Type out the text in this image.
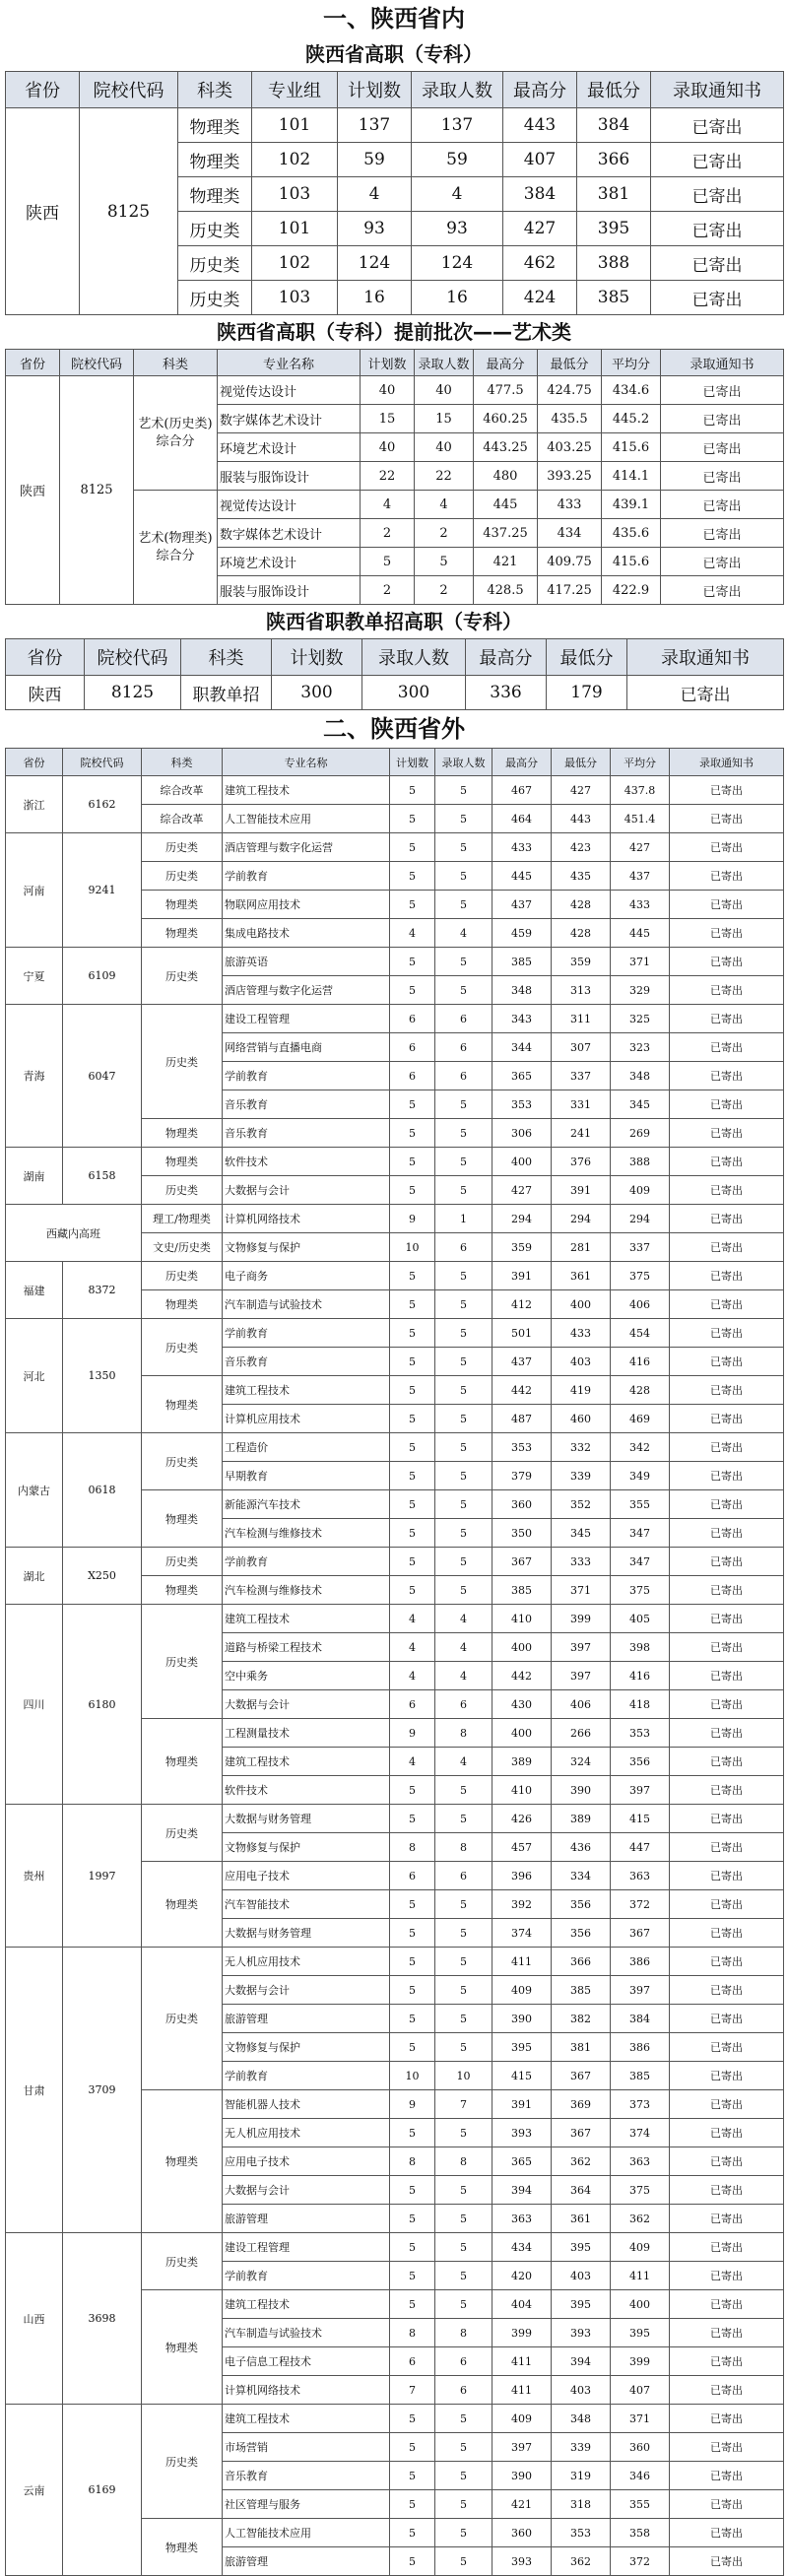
一、陕西省内
陕西省高职（专科）
省份	院校代码	科类	专业组	计划数	录取人数	最高分	最低分	录取通知书
陕西	8125	物理类	101	137	137	443	384	已寄出
		物理类	102	59	59	407	366	已寄出
		物理类	103	4	4	384	381	已寄出
		历史类	101	93	93	427	395	已寄出
		历史类	102	124	124	462	388	已寄出
		历史类	103	16	16	424	385	已寄出
陕西省高职（专科）提前批次——艺术类
省份	院校代码	科类	专业名称	计划数	录取人数	最高分	最低分	平均分	录取通知书
陕西	8125	艺术(历史类)综合分	视觉传达设计	40	40	477.5	424.75	434.6	已寄出
			数字媒体艺术设计	15	15	460.25	435.5	445.2	已寄出
			环境艺术设计	40	40	443.25	403.25	415.6	已寄出
			服装与服饰设计	22	22	480	393.25	414.1	已寄出
		艺术(物理类)综合分	视觉传达设计	4	4	445	433	439.1	已寄出
			数字媒体艺术设计	2	2	437.25	434	435.6	已寄出
			环境艺术设计	5	5	421	409.75	415.6	已寄出
			服装与服饰设计	2	2	428.5	417.25	422.9	已寄出
陕西省职教单招高职（专科）
省份	院校代码	科类	计划数	录取人数	最高分	最低分	录取通知书
陕西	8125	职教单招	300	300	336	179	已寄出
二、陕西省外
省份	院校代码	科类	专业名称	计划数	录取人数	最高分	最低分	平均分	录取通知书
浙江	6162	综合改革	建筑工程技术	5	5	467	427	437.8	已寄出
		综合改革	人工智能技术应用	5	5	464	443	451.4	已寄出
河南	9241	历史类	酒店管理与数字化运营	5	5	433	423	427	已寄出
		历史类	学前教育	5	5	445	435	437	已寄出
		物理类	物联网应用技术	5	5	437	428	433	已寄出
		物理类	集成电路技术	4	4	459	428	445	已寄出
宁夏	6109	历史类	旅游英语	5	5	385	359	371	已寄出
			酒店管理与数字化运营	5	5	348	313	329	已寄出
青海	6047	历史类	建设工程管理	6	6	343	311	325	已寄出
			网络营销与直播电商	6	6	344	307	323	已寄出
			学前教育	6	6	365	337	348	已寄出
			音乐教育	5	5	353	331	345	已寄出
		物理类	音乐教育	5	5	306	241	269	已寄出
湖南	6158	物理类	软件技术	5	5	400	376	388	已寄出
		历史类	大数据与会计	5	5	427	391	409	已寄出
西藏内高班		理工/物理类	计算机网络技术	9	1	294	294	294	已寄出
		文史/历史类	文物修复与保护	10	6	359	281	337	已寄出
福建	8372	历史类	电子商务	5	5	391	361	375	已寄出
		物理类	汽车制造与试验技术	5	5	412	400	406	已寄出
河北	1350	历史类	学前教育	5	5	501	433	454	已寄出
			音乐教育	5	5	437	403	416	已寄出
		物理类	建筑工程技术	5	5	442	419	428	已寄出
			计算机应用技术	5	5	487	460	469	已寄出
内蒙古	0618	历史类	工程造价	5	5	353	332	342	已寄出
			早期教育	5	5	379	339	349	已寄出
		物理类	新能源汽车技术	5	5	360	352	355	已寄出
			汽车检测与维修技术	5	5	350	345	347	已寄出
湖北	X250	历史类	学前教育	5	5	367	333	347	已寄出
		物理类	汽车检测与维修技术	5	5	385	371	375	已寄出
四川	6180	历史类	建筑工程技术	4	4	410	399	405	已寄出
			道路与桥梁工程技术	4	4	400	397	398	已寄出
			空中乘务	4	4	442	397	416	已寄出
			大数据与会计	6	6	430	406	418	已寄出
		物理类	工程测量技术	9	8	400	266	353	已寄出
			建筑工程技术	4	4	389	324	356	已寄出
			软件技术	5	5	410	390	397	已寄出
贵州	1997	历史类	大数据与财务管理	5	5	426	389	415	已寄出
			文物修复与保护	8	8	457	436	447	已寄出
		物理类	应用电子技术	6	6	396	334	363	已寄出
			汽车智能技术	5	5	392	356	372	已寄出
			大数据与财务管理	5	5	374	356	367	已寄出
甘肃	3709	历史类	无人机应用技术	5	5	411	366	386	已寄出
			大数据与会计	5	5	409	385	397	已寄出
			旅游管理	5	5	390	382	384	已寄出
			文物修复与保护	5	5	395	381	386	已寄出
			学前教育	10	10	415	367	385	已寄出
		物理类	智能机器人技术	9	7	391	369	373	已寄出
			无人机应用技术	5	5	393	367	374	已寄出
			应用电子技术	8	8	365	362	363	已寄出
			大数据与会计	5	5	394	364	375	已寄出
			旅游管理	5	5	363	361	362	已寄出
山西	3698	历史类	建设工程管理	5	5	434	395	409	已寄出
			学前教育	5	5	420	403	411	已寄出
		物理类	建筑工程技术	5	5	404	395	400	已寄出
			汽车制造与试验技术	8	8	399	393	395	已寄出
			电子信息工程技术	6	6	411	394	399	已寄出
			计算机网络技术	7	6	411	403	407	已寄出
云南	6169	历史类	建筑工程技术	5	5	409	348	371	已寄出
			市场营销	5	5	397	339	360	已寄出
			音乐教育	5	5	390	319	346	已寄出
			社区管理与服务	5	5	421	318	355	已寄出
		物理类	人工智能技术应用	5	5	360	353	358	已寄出
			旅游管理	5	5	393	362	372	已寄出
